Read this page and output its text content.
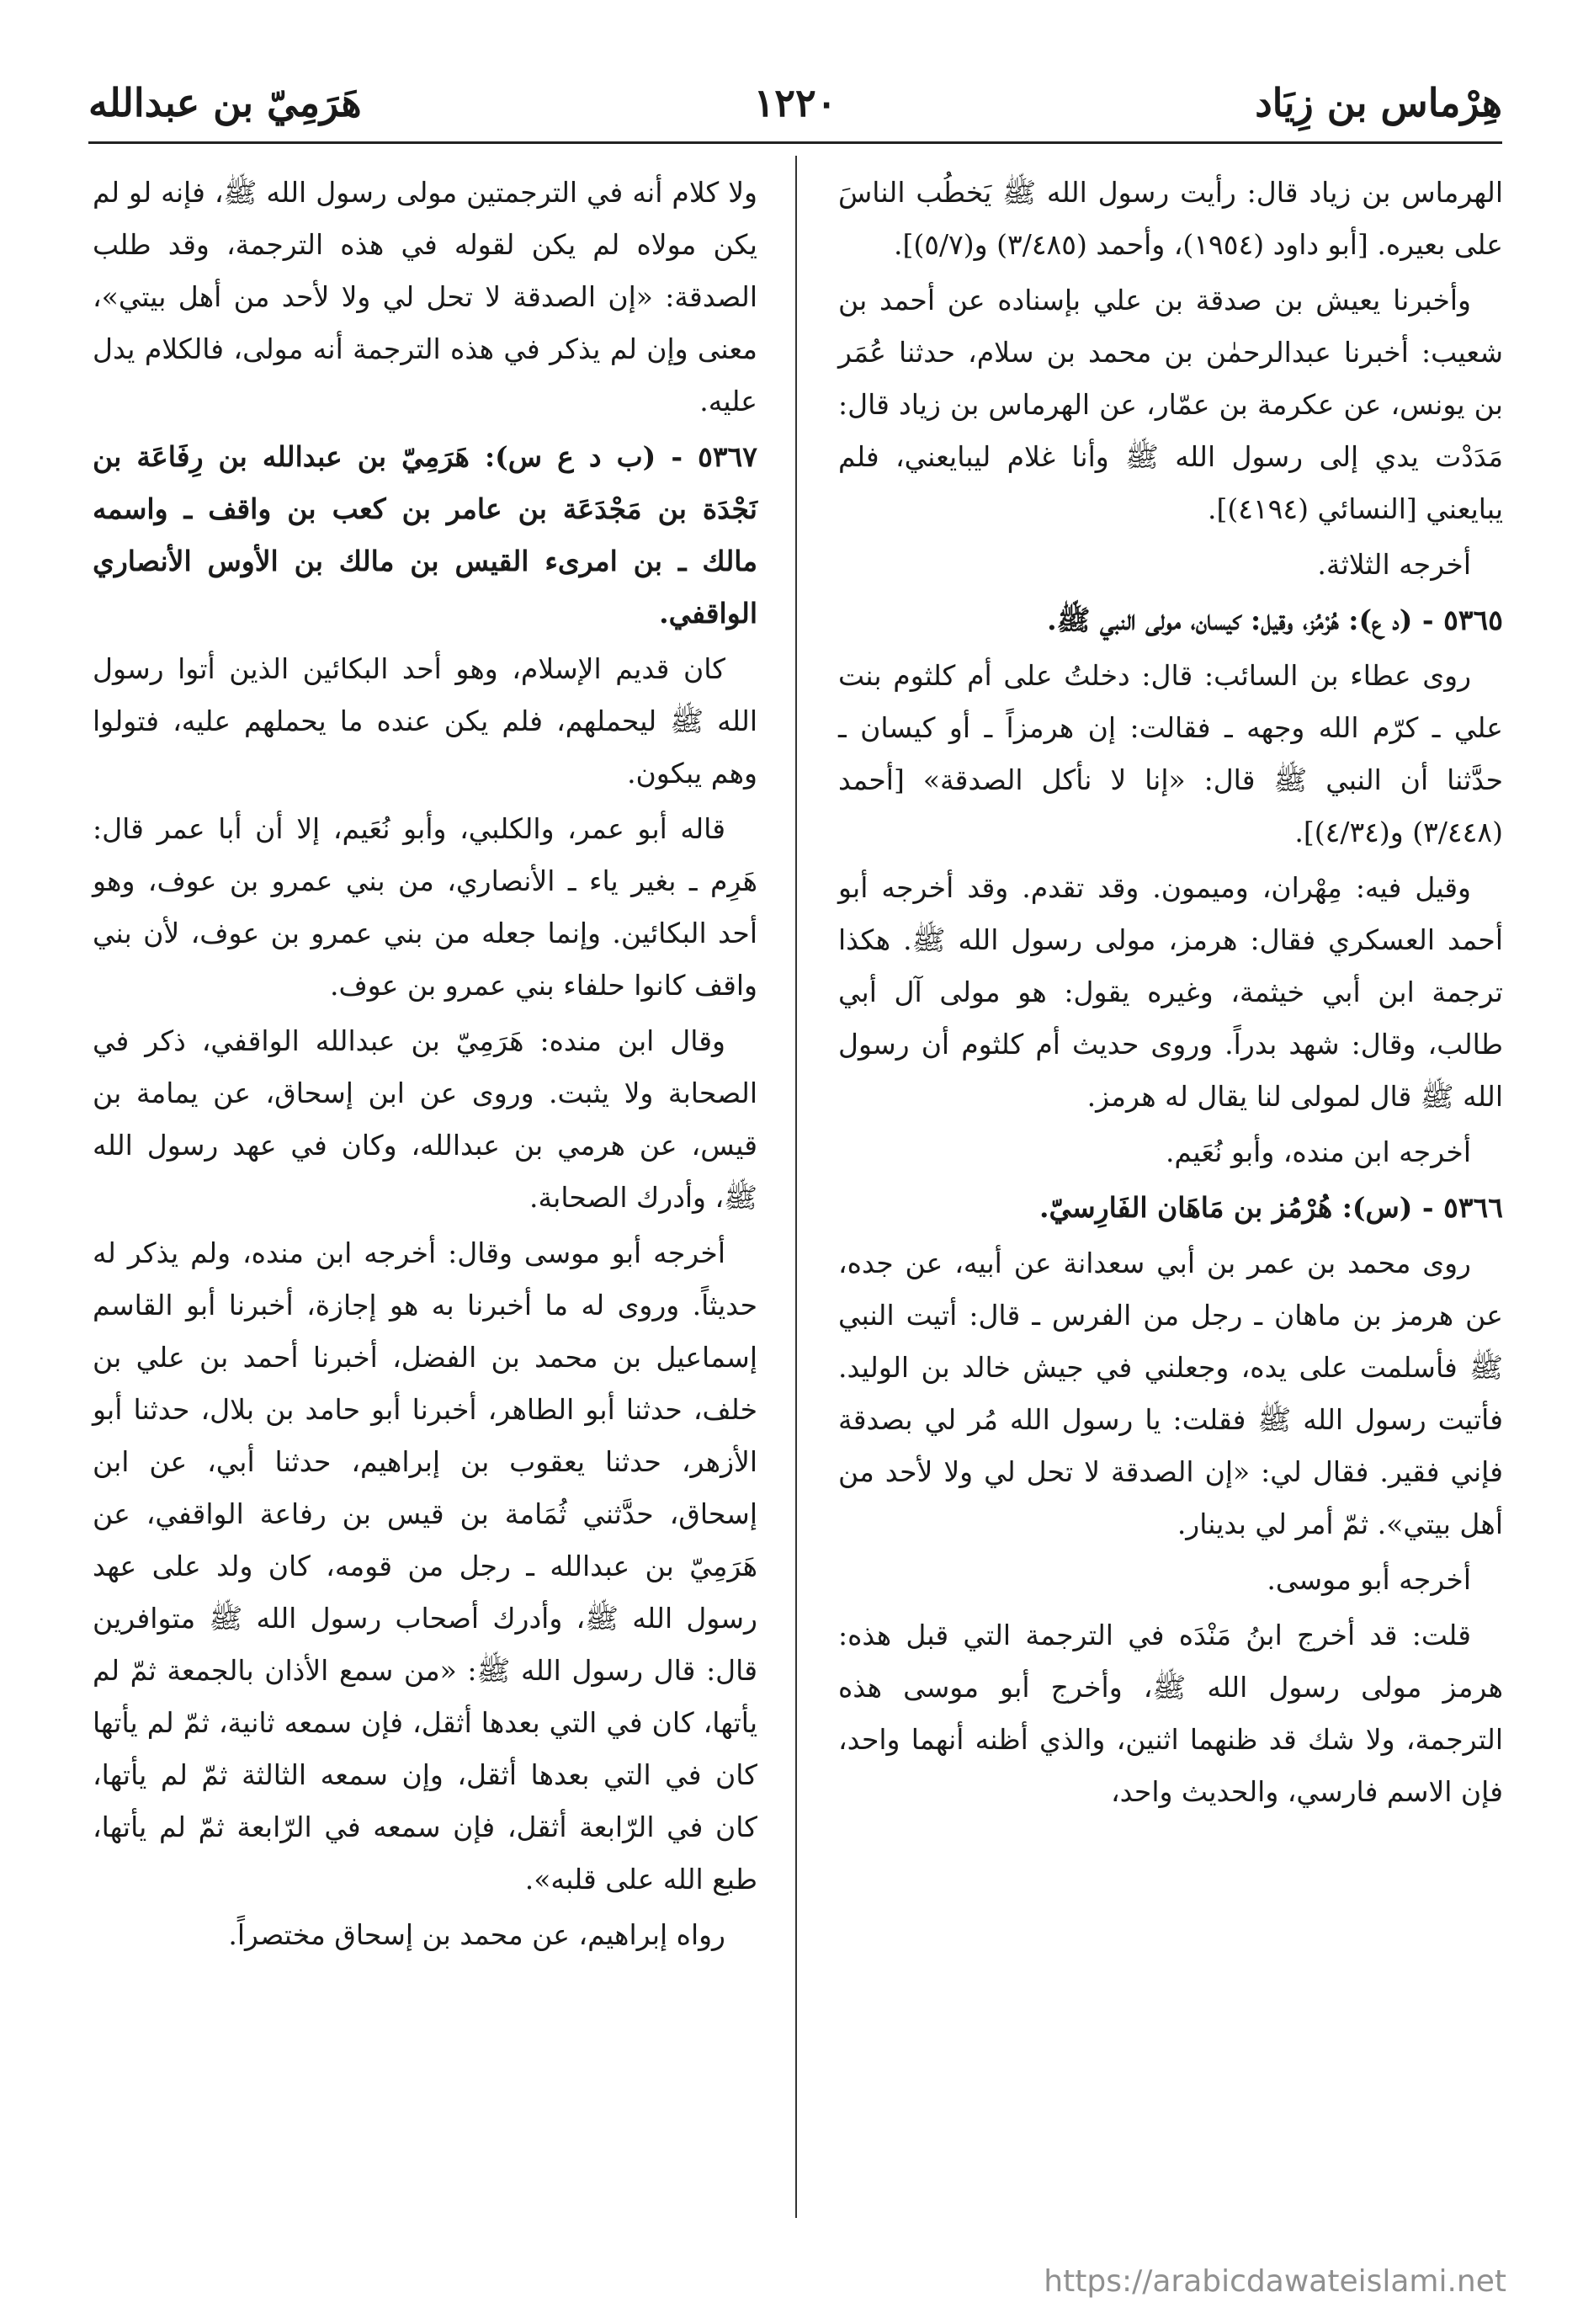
هِرْماس بن زِيَاد
١٢٢٠
هَرَمِيّ بن عبدالله

الهرماس بن زياد قال: رأيت رسول الله ﷺ يَخطُب الناسَ على بعيره. [أبو داود (١٩٥٤)، وأحمد (٣/٤٨٥) و(٥/٧)].

وأخبرنا يعيش بن صدقة بن علي بإسناده عن أحمد بن شعيب: أخبرنا عبدالرحمٰن بن محمد بن سلام، حدثنا عُمَر بن يونس، عن عكرمة بن عمّار، عن الهرماس بن زياد قال: مَدَدْت يدي إلى رسول الله ﷺ وأنا غلام ليبايعني، فلم يبايعني [النسائي (٤١٩٤)].

أخرجه الثلاثة.

٥٣٦٥ - (د ع): هُرْمُز، وقيل: كيسان، مولى النبي ﷺ.

روى عطاء بن السائب: قال: دخلتُ على أم كلثوم بنت علي ـ كرّم الله وجهه ـ فقالت: إن هرمزاً ـ أو كيسان ـ حدَّثنا أن النبي ﷺ قال: «إنا لا نأكل الصدقة» [أحمد (٣/٤٤٨) و(٤/٣٤)].

وقيل فيه: مِهْران، وميمون. وقد تقدم. وقد أخرجه أبو أحمد العسكري فقال: هرمز، مولى رسول الله ﷺ. هكذا ترجمة ابن أبي خيثمة، وغيره يقول: هو مولى آل أبي طالب، وقال: شهد بدراً. وروى حديث أم كلثوم أن رسول الله ﷺ قال لمولى لنا يقال له هرمز.

أخرجه ابن منده، وأبو نُعَيم.

٥٣٦٦ - (س): هُرْمُز بن مَاهَان الفَارِسيّ.

روى محمد بن عمر بن أبي سعدانة عن أبيه، عن جده، عن هرمز بن ماهان ـ رجل من الفرس ـ قال: أتيت النبي ﷺ فأسلمت على يده، وجعلني في جيش خالد بن الوليد. فأتيت رسول الله ﷺ فقلت: يا رسول الله مُر لي بصدقة فإني فقير. فقال لي: «إن الصدقة لا تحل لي ولا لأحد من أهل بيتي». ثمّ أمر لي بدينار.

أخرجه أبو موسى.

قلت: قد أخرج ابنُ مَنْدَه في الترجمة التي قبل هذه: هرمز مولى رسول الله ﷺ، وأخرج أبو موسى هذه الترجمة، ولا شك قد ظنهما اثنين، والذي أظنه أنهما واحد، فإن الاسم فارسي، والحديث واحد،

ولا كلام أنه في الترجمتين مولى رسول الله ﷺ، فإنه لو لم يكن مولاه لم يكن لقوله في هذه الترجمة، وقد طلب الصدقة: «إن الصدقة لا تحل لي ولا لأحد من أهل بيتي»، معنى وإن لم يذكر في هذه الترجمة أنه مولى، فالكلام يدل عليه.

٥٣٦٧ - (ب د ع س): هَرَمِيّ بن عبدالله بن رِفَاعَة بن نَجْدَة بن مَجْدَعَة بن عامر بن كعب بن واقف ـ واسمه مالك ـ بن امرىء القيس بن مالك بن الأوس الأنصاري الواقفي.

كان قديم الإسلام، وهو أحد البكائين الذين أتوا رسول الله ﷺ ليحملهم، فلم يكن عنده ما يحملهم عليه، فتولوا وهم يبكون.

قاله أبو عمر، والكلبي، وأبو نُعَيم، إلا أن أبا عمر قال: هَرِم ـ بغير ياء ـ الأنصاري، من بني عمرو بن عوف، وهو أحد البكائين. وإنما جعله من بني عمرو بن عوف، لأن بني واقف كانوا حلفاء بني عمرو بن عوف.

وقال ابن منده: هَرَمِيّ بن عبدالله الواقفي، ذكر في الصحابة ولا يثبت. وروى عن ابن إسحاق، عن يمامة بن قيس، عن هرمي بن عبدالله، وكان في عهد رسول الله ﷺ، وأدرك الصحابة.

أخرجه أبو موسى وقال: أخرجه ابن منده، ولم يذكر له حديثاً. وروى له ما أخبرنا به هو إجازة، أخبرنا أبو القاسم إسماعيل بن محمد بن الفضل، أخبرنا أحمد بن علي بن خلف، حدثنا أبو الطاهر، أخبرنا أبو حامد بن بلال، حدثنا أبو الأزهر، حدثنا يعقوب بن إبراهيم، حدثنا أبي، عن ابن إسحاق، حدَّثني ثُمَامة بن قيس بن رفاعة الواقفي، عن هَرَمِيّ بن عبدالله ـ رجل من قومه، كان ولد على عهد رسول الله ﷺ، وأدرك أصحاب رسول الله ﷺ متوافرين قال: قال رسول الله ﷺ: «من سمع الأذان بالجمعة ثمّ لم يأتها، كان في التي بعدها أثقل، فإن سمعه ثانية، ثمّ لم يأتها كان في التي بعدها أثقل، وإن سمعه الثالثة ثمّ لم يأتها، كان في الرّابعة أثقل، فإن سمعه في الرّابعة ثمّ لم يأتها، طبع الله على قلبه».

رواه إبراهيم، عن محمد بن إسحاق مختصراً.

https://arabicdawateislami.net
